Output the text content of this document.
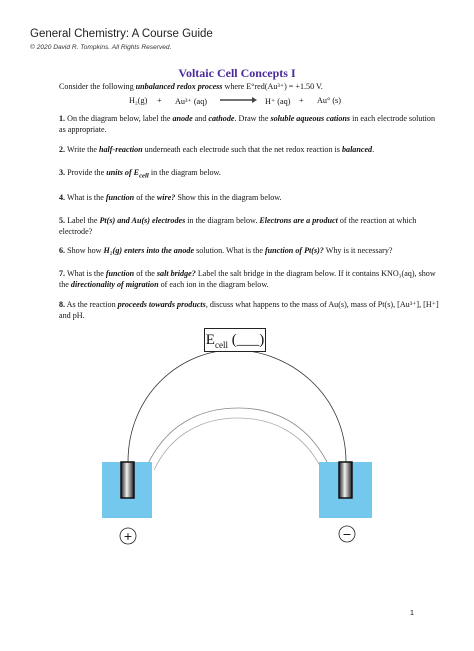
General Chemistry: A Course Guide
© 2020 David R. Tompkins. All Rights Reserved.
Voltaic Cell Concepts I
Consider the following unbalanced redox process where E°red(Au³⁺) = +1.50 V.
H₂(g) + Au³⁺ (aq) → H⁺ (aq) + Au° (s)
1. On the diagram below, label the anode and cathode. Draw the soluble aqueous cations in each electrode solution as appropriate.
2. Write the half-reaction underneath each electrode such that the net redox reaction is balanced.
3. Provide the units of $E_{cell}$ in the diagram below.
4. What is the function of the wire? Show this in the diagram below.
5. Label the Pt(s) and Au(s) electrodes in the diagram below. Electrons are a product of the reaction at which electrode?
6. Show how H₂(g) enters into the anode solution. What is the function of Pt(s)? Why is it necessary?
7. What is the function of the salt bridge? Label the salt bridge in the diagram below. If it contains KNO₃(aq), show the directionality of migration of each ion in the diagram below.
8. As the reaction proceeds towards products, discuss what happens to the mass of Au(s), mass of Pt(s), [Au³⁺], [H⁺] and pH.
+	−
$E_{cell}$ (___)
1
